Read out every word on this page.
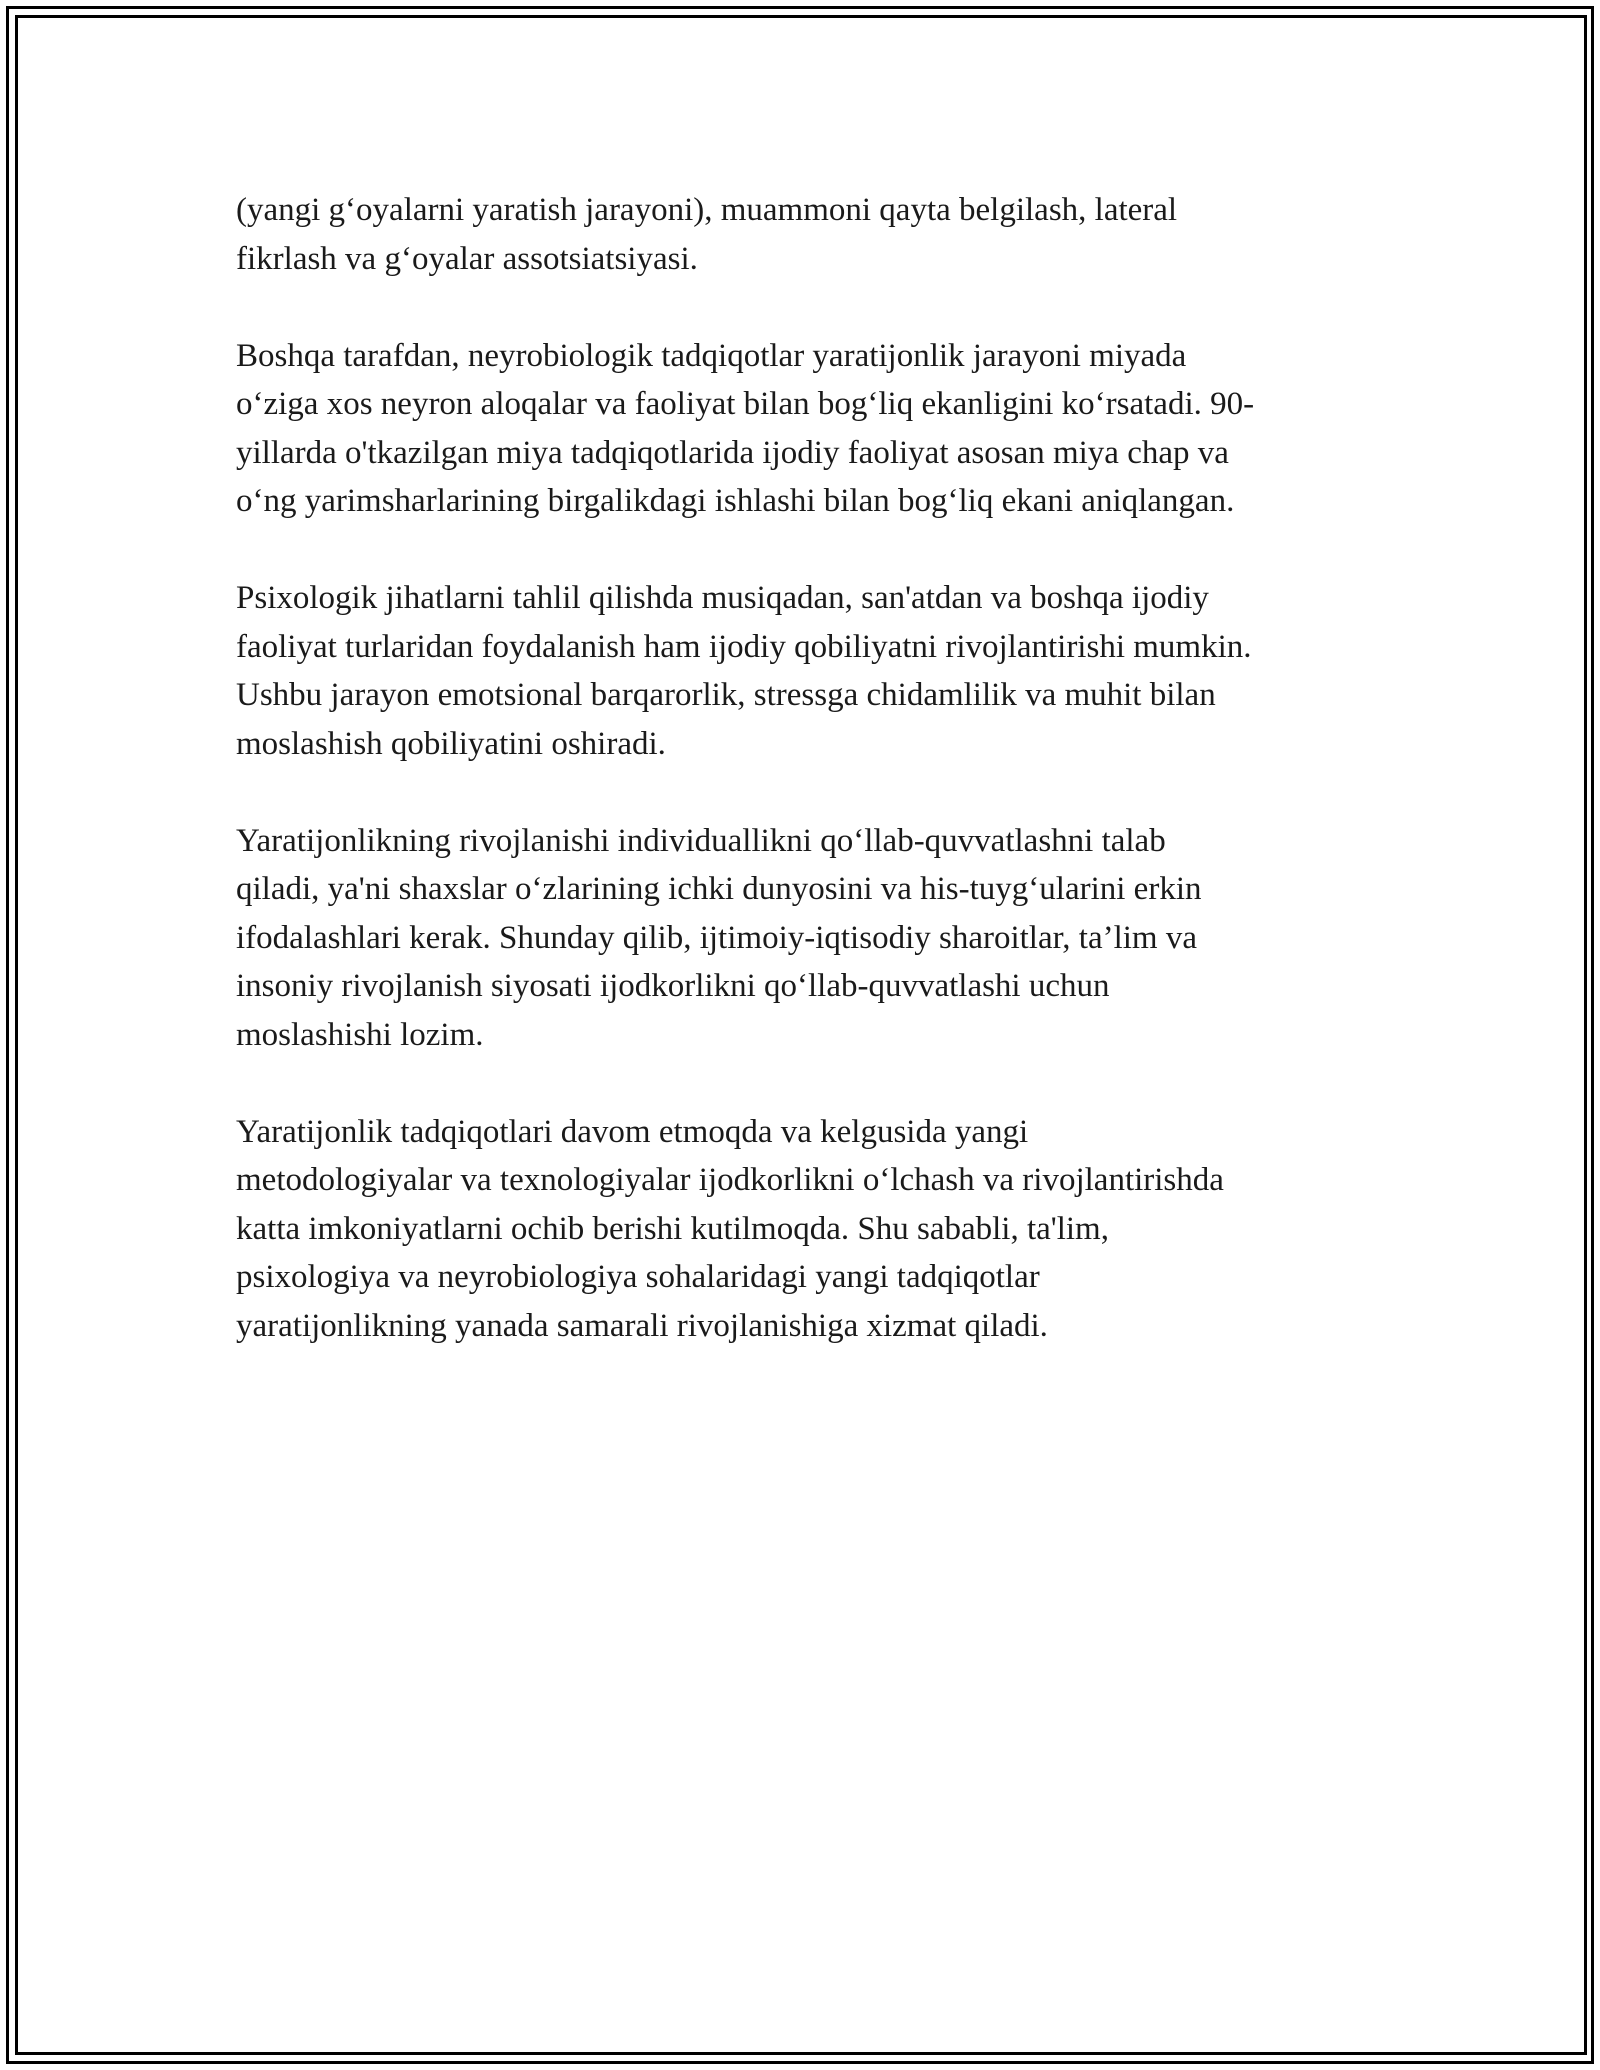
(yangi g‘oyalarni yaratish jarayoni), muammoni qayta belgilash, lateral
fikrlash va g‘oyalar assotsiatsiyasi.

Boshqa tarafdan, neyrobiologik tadqiqotlar yaratijonlik jarayoni miyada
o‘ziga xos neyron aloqalar va faoliyat bilan bog‘liq ekanligini ko‘rsatadi. 90-
yillarda o'tkazilgan miya tadqiqotlarida ijodiy faoliyat asosan miya chap va
o‘ng yarimsharlarining birgalikdagi ishlashi bilan bog‘liq ekani aniqlangan.

Psixologik jihatlarni tahlil qilishda musiqadan, san'atdan va boshqa ijodiy
faoliyat turlaridan foydalanish ham ijodiy qobiliyatni rivojlantirishi mumkin.
Ushbu jarayon emotsional barqarorlik, stressga chidamlilik va muhit bilan
moslashish qobiliyatini oshiradi.

Yaratijonlikning rivojlanishi individuallikni qo‘llab-quvvatlashni talab
qiladi, ya'ni shaxslar o‘zlarining ichki dunyosini va his-tuyg‘ularini erkin
ifodalashlari kerak. Shunday qilib, ijtimoiy-iqtisodiy sharoitlar, ta’lim va
insoniy rivojlanish siyosati ijodkorlikni qo‘llab-quvvatlashi uchun
moslashishi lozim.

Yaratijonlik tadqiqotlari davom etmoqda va kelgusida yangi
metodologiyalar va texnologiyalar ijodkorlikni o‘lchash va rivojlantirishda
katta imkoniyatlarni ochib berishi kutilmoqda. Shu sababli, ta'lim,
psixologiya va neyrobiologiya sohalaridagi yangi tadqiqotlar
yaratijonlikning yanada samarali rivojlanishiga xizmat qiladi.
